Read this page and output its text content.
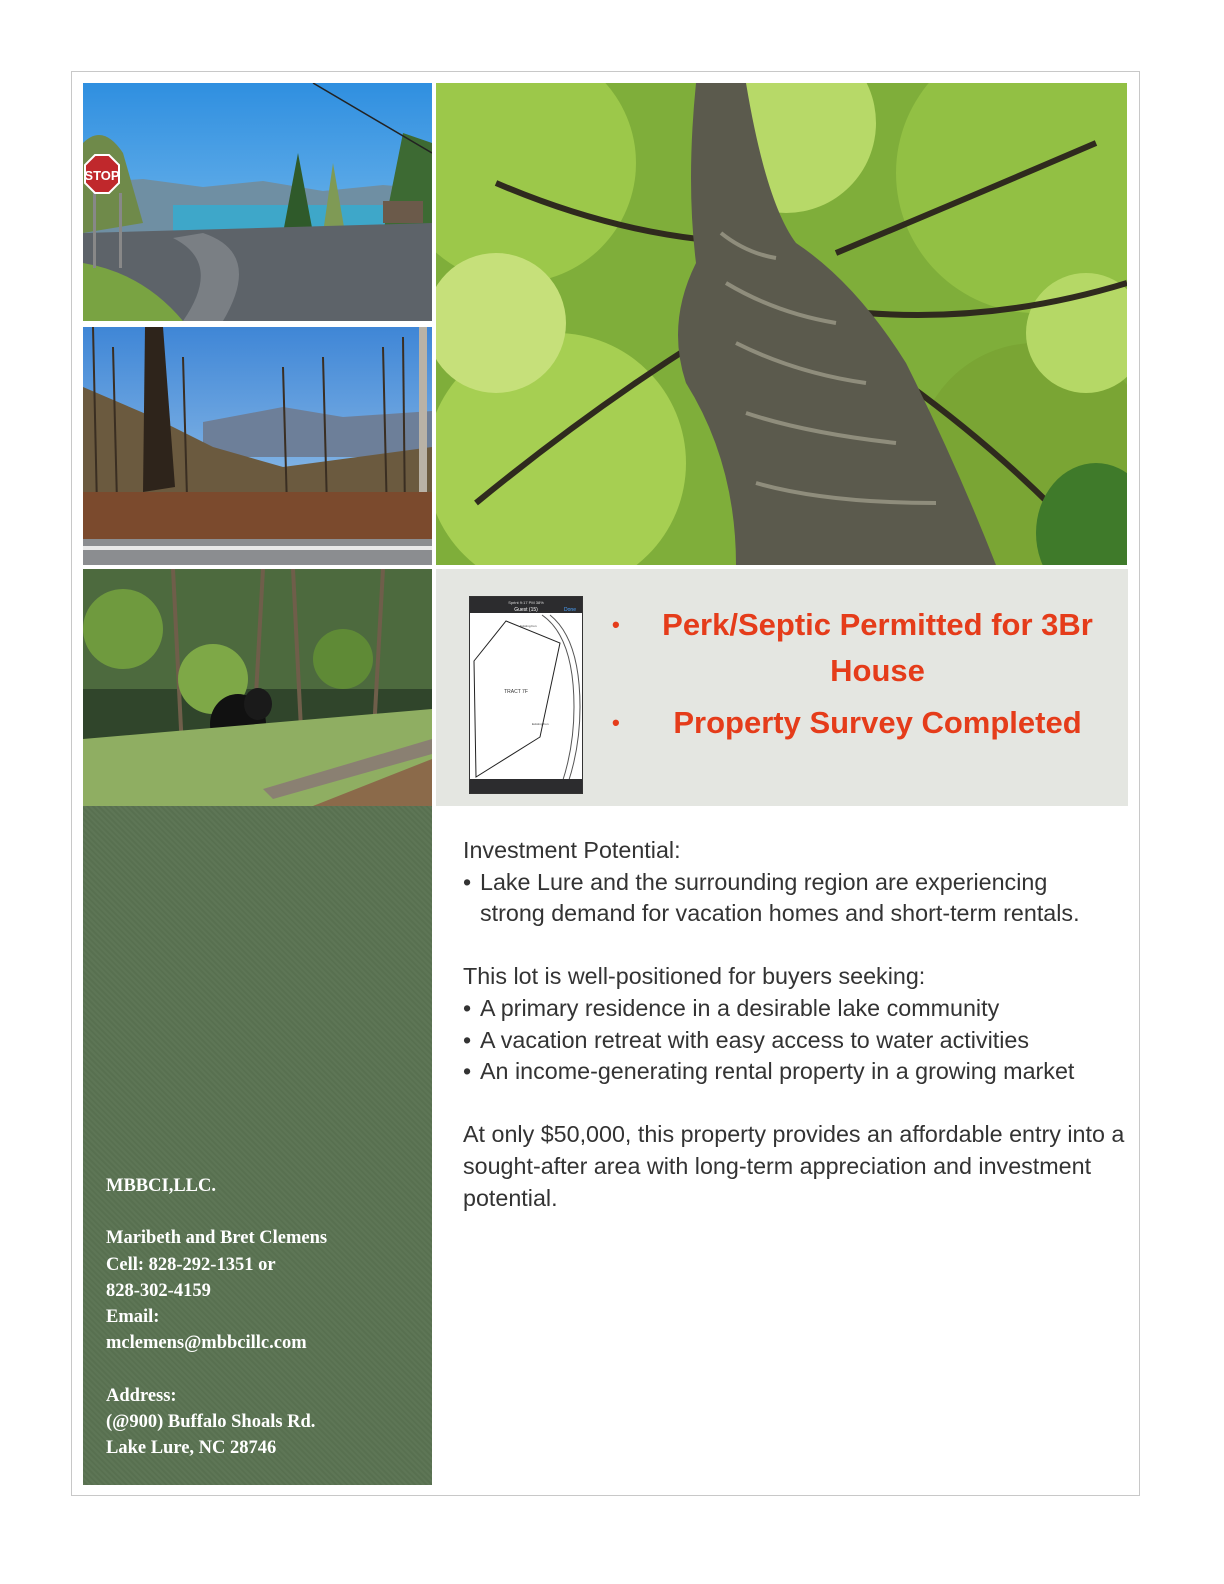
STOP
Sprint 9:17 PM 38%
Guest (15)	Done
TRACT 7F
Existing Iron
Existing Iron
• Perk/Septic Permitted for 3Br House
• Property Survey Completed
MBBCI,LLC.
Maribeth and Bret Clemens
Cell: 828-292-1351 or
828-302-4159
Email:
mclemens@mbbcillc.com
Address:
(@900) Buffalo Shoals Rd.
Lake Lure, NC 28746
Investment Potential:
• Lake Lure and the surrounding region are experiencing strong demand for vacation homes and short-term rentals.
This lot is well-positioned for buyers seeking:
• A primary residence in a desirable lake community
• A vacation retreat with easy access to water activities
• An income-generating rental property in a growing market
At only $50,000, this property provides an affordable entry into a sought-after area with long-term appreciation and investment potential.
